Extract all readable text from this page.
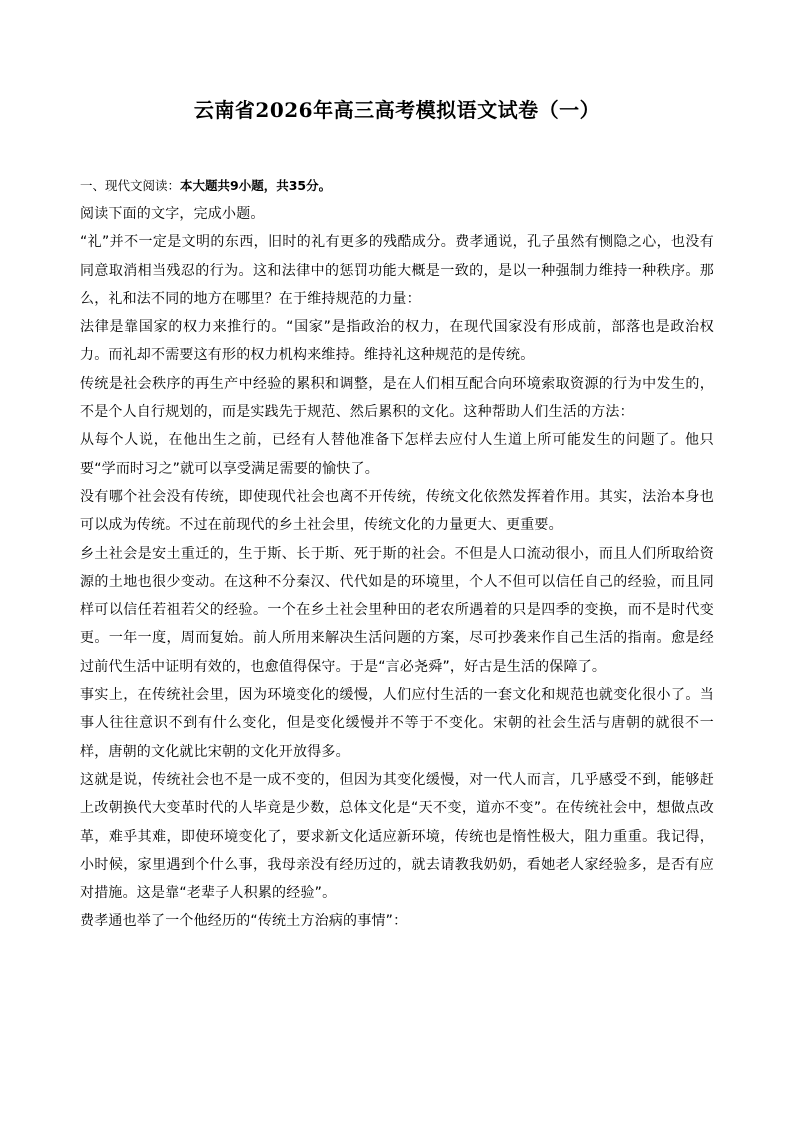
云南省2026年高三高考模拟语文试卷（一）
一、现代文阅读：本大题共9小题，共35分。

阅读下面的文字，完成小题。

“礼”并不一定是文明的东西，旧时的礼有更多的残酷成分。费孝通说，孔子虽然有恻隐之心，也没有同意取消相当残忍的行为。这和法律中的惩罚功能大概是一致的，是以一种强制力维持一种秩序。那么，礼和法不同的地方在哪里？在于维持规范的力量：

法律是靠国家的权力来推行的。“国家”是指政治的权力，在现代国家没有形成前，部落也是政治权力。而礼却不需要这有形的权力机构来维持。维持礼这种规范的是传统。

传统是社会秩序的再生产中经验的累积和调整，是在人们相互配合向环境索取资源的行为中发生的，不是个人自行规划的，而是实践先于规范、然后累积的文化。这种帮助人们生活的方法：

从每个人说，在他出生之前，已经有人替他准备下怎样去应付人生道上所可能发生的问题了。他只要“学而时习之”就可以享受满足需要的愉快了。

没有哪个社会没有传统，即使现代社会也离不开传统，传统文化依然发挥着作用。其实，法治本身也可以成为传统。不过在前现代的乡土社会里，传统文化的力量更大、更重要。

乡土社会是安土重迁的，生于斯、长于斯、死于斯的社会。不但是人口流动很小，而且人们所取给资源的土地也很少变动。在这种不分秦汉、代代如是的环境里，个人不但可以信任自己的经验，而且同样可以信任若祖若父的经验。一个在乡土社会里种田的老农所遇着的只是四季的变换，而不是时代变更。一年一度，周而复始。前人所用来解决生活问题的方案，尽可抄袭来作自己生活的指南。愈是经过前代生活中证明有效的，也愈值得保守。于是“言必尧舜”，好古是生活的保障了。

事实上，在传统社会里，因为环境变化的缓慢，人们应付生活的一套文化和规范也就变化很小了。当事人往往意识不到有什么变化，但是变化缓慢并不等于不变化。宋朝的社会生活与唐朝的就很不一样，唐朝的文化就比宋朝的文化开放得多。

这就是说，传统社会也不是一成不变的，但因为其变化缓慢，对一代人而言，几乎感受不到，能够赶上改朝换代大变革时代的人毕竟是少数，总体文化是“天不变，道亦不变”。在传统社会中，想做点改革，难乎其难，即使环境变化了，要求新文化适应新环境，传统也是惰性极大，阻力重重。我记得，小时候，家里遇到个什么事，我母亲没有经历过的，就去请教我奶奶，看她老人家经验多，是否有应对措施。这是靠“老辈子人积累的经验”。

费孝通也举了一个他经历的“传统土方治病的事情”：
